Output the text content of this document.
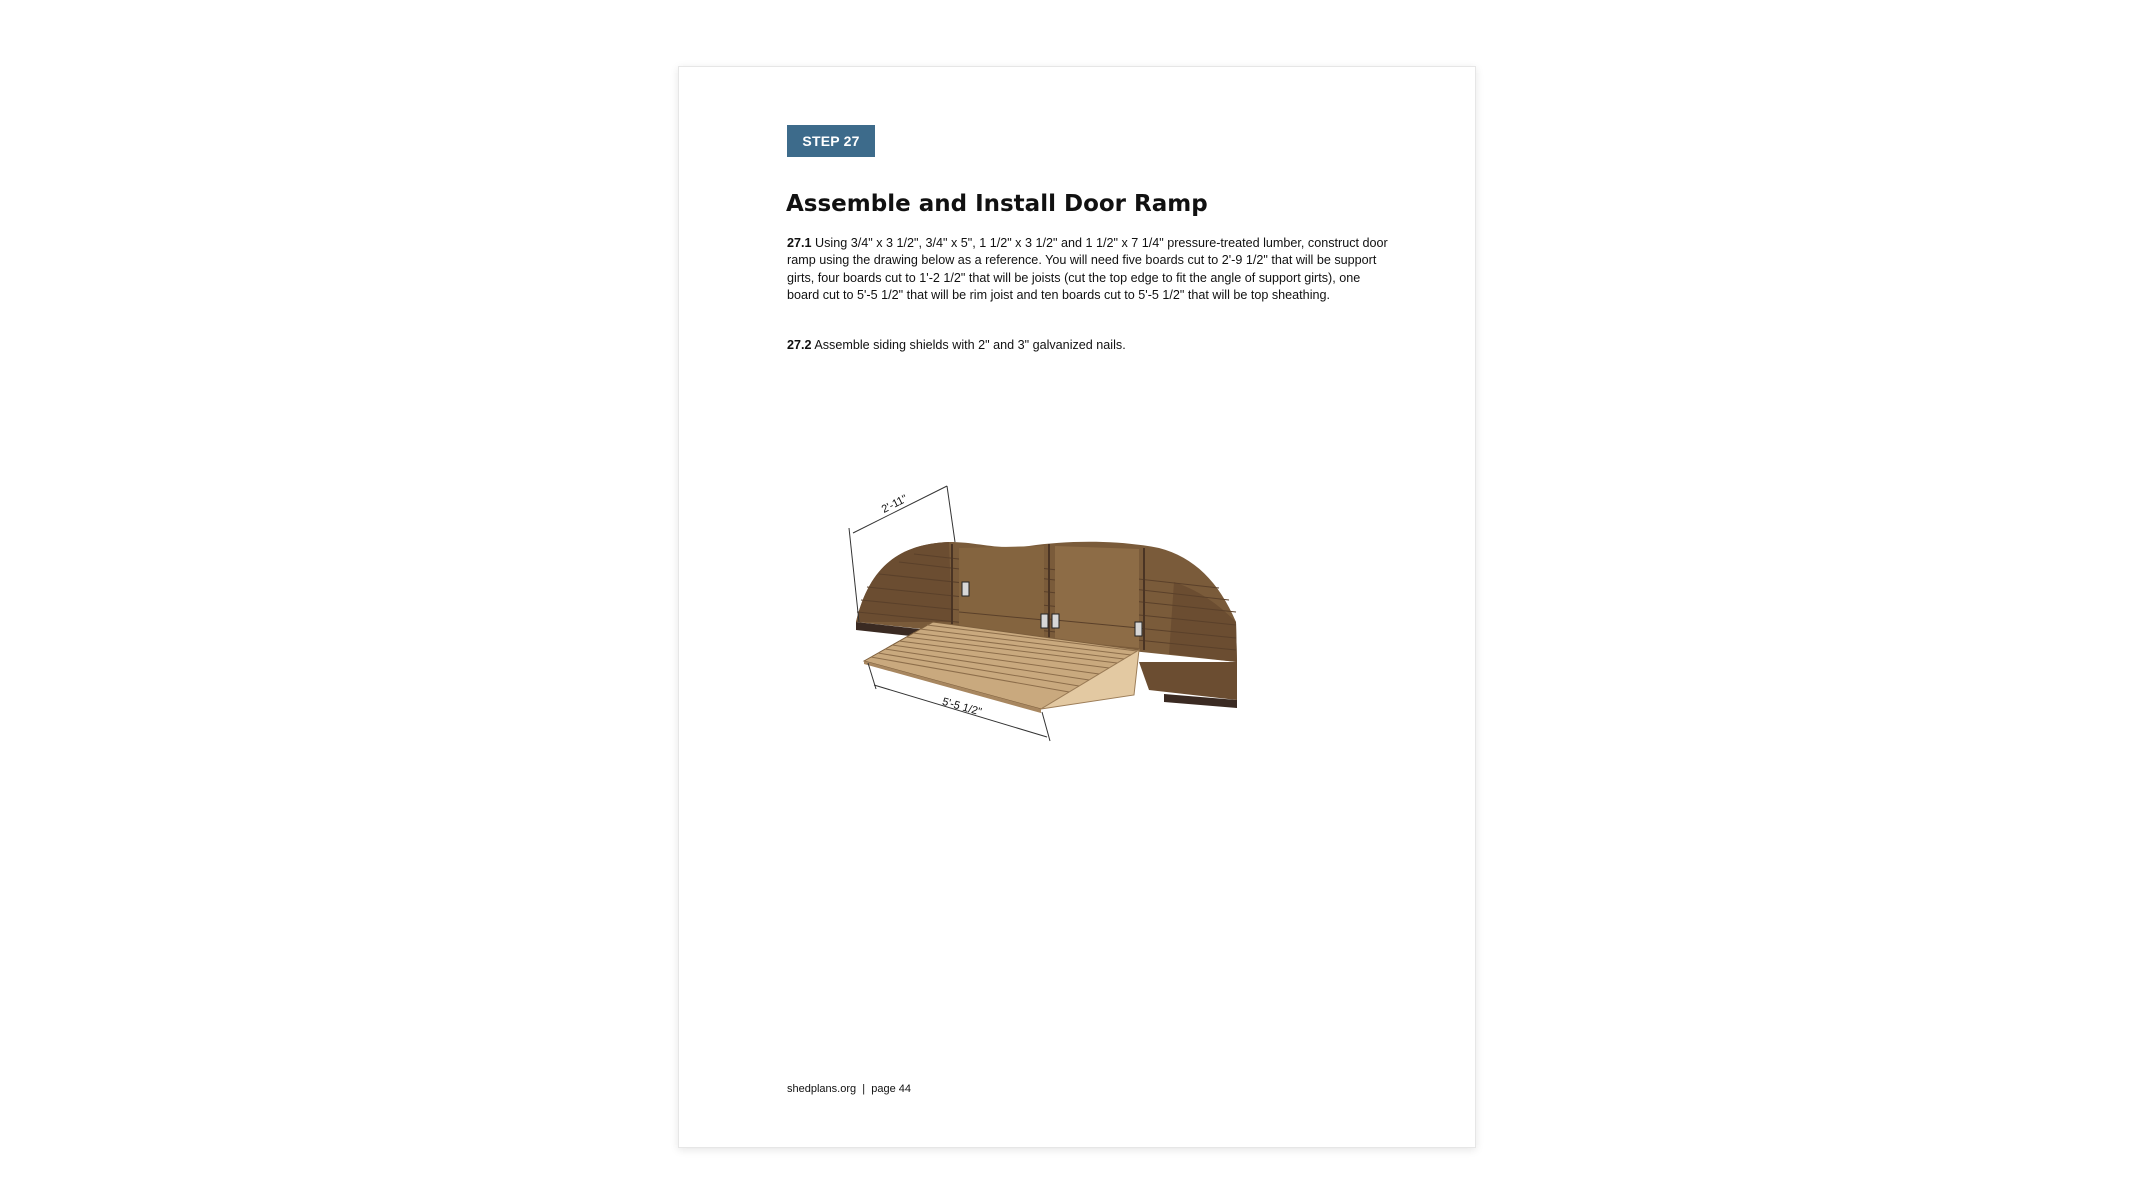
STEP 27
Assemble and Install Door Ramp

27.1 Using 3/4" x 3 1/2", 3/4" x 5", 1 1/2" x 3 1/2" and 1 1/2" x 7 1/4" pressure-treated lumber, construct door ramp using the drawing below as a reference. You will need five boards cut to 2'-9 1/2" that will be support girts, four boards cut to 1'-2 1/2" that will be joists (cut the top edge to fit the angle of support girts), one board cut to 5'-5 1/2" that will be rim joist and ten boards cut to 5'-5 1/2" that will be top sheathing.

27.2 Assemble siding shields with 2" and 3" galvanized nails.

2'-11"
5'-5 1/2"

shedplans.org | page 44
